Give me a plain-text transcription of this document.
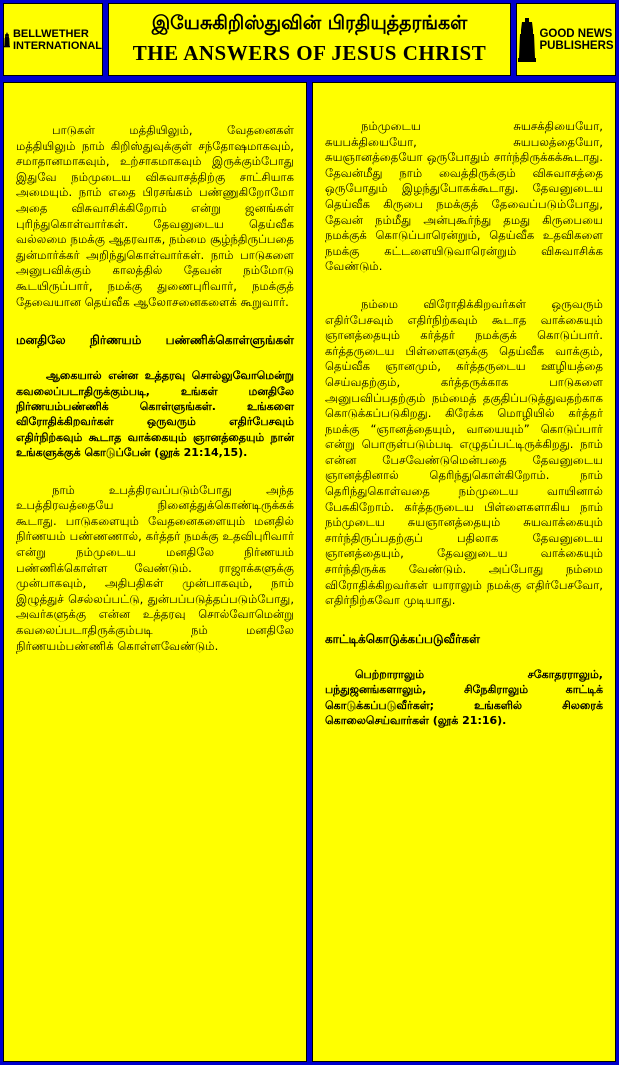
BELLWETHER
INTERNATIONAL
இயேசுகிறிஸ்துவின் பிரதியுத்தரங்கள்
THE ANSWERS OF JESUS CHRIST
GOOD NEWS
PUBLISHERS

பாடுகள் மத்தியிலும், வேதனைகள் மத்தியிலும் நாம் கிறிஸ்துவுக்குள் சந்தோஷமாகவும், சமாதானமாகவும், உற்சாகமாகவும் இருக்கும்போது இதுவே நம்முடைய விசுவாசத்திற்கு சாட்சியாக அமையும். நாம் எதை பிரசங்கம் பண்ணுகிறோமோ அதை விசுவாசிக்கிறோம் என்று ஜனங்கள் புரிந்துகொள்வார்கள். தேவனுடைய தெய்வீக வல்லமை நமக்கு ஆதரவாக, நம்மை சூழ்ந்திருப்பதை துன்மார்க்கர் அறிந்துகொள்வார்கள். நாம் பாடுகளை அனுபவிக்கும் காலத்தில் தேவன் நம்மோடு கூடயிருப்பார், நமக்கு துணைபுரிவார், நமக்குத் தேவையான தெய்வீக ஆலோசனைகளைக் கூறுவார்.

மனதிலே நிர்ணயம் பண்ணிக்கொள்ளுங்கள்

ஆகையால் என்ன உத்தரவு சொல்லுவோமென்று கவலைப்படாதிருக்கும்படி, உங்கள் மனதிலே நிர்ணயம்பண்ணிக் கொள்ளுங்கள். உங்களை விரோதிக்கிறவர்கள் ஒருவரும் எதிர்பேசவும் எதிர்நிற்கவும் கூடாத வாக்கையும் ஞானத்தையும் நான் உங்களுக்குக் கொடுப்பேன் (லூக் 21:14,15).

நாம் உபத்திரவப்படும்போது அந்த உபத்திரவத்தையே நினைத்துக்கொண்டிருக்கக் கூடாது. பாடுகளையும் வேதனைகளையும் மனதில் நிர்ணயம் பண்ணணால், கர்த்தர் நமக்கு உதவிபுரிவார் என்று நம்முடைய மனதிலே நிர்ணயம் பண்ணிக்கொள்ள வேண்டும். ராஜாக்களுக்கு முன்பாகவும், அதிபதிகள் முன்பாகவும், நாம் இழுத்துச் செல்லப்பட்டு, துன்பப்படுத்தப்படும்போது, அவர்களுக்கு என்ன உத்தரவு சொல்வோமென்று கவலைப்படாதிருக்கும்படி நம் மனதிலே நிர்ணயம்பண்ணிக் கொள்ளவேண்டும்.

நம்முடைய சுயசக்தியையோ, சுயபக்தியையோ, சுயபலத்தையோ, சுயஞானத்தையோ ஒருபோதும் சார்ந்திருக்கக்கூடாது. தேவன்மீது நாம் வைத்திருக்கும் விசுவாசத்தை ஒருபோதும் இழந்துபோகக்கூடாது. தேவனுடைய தெய்வீக கிருபை நமக்குத் தேவைப்படும்போது, தேவன் நம்மீது அன்புகூர்ந்து தமது கிருபையை நமக்குக் கொடுப்பாரென்றும், தெய்வீக உதவிகளை நமக்கு கட்டளையிடுவாரென்றும் விசுவாசிக்க வேண்டும்.

நம்மை விரோதிக்கிறவர்கள் ஒருவரும் எதிர்பேசவும் எதிர்நிற்கவும் கூடாத வாக்கையும் ஞானத்தையும் கர்த்தர் நமக்குக் கொடுப்பார். கர்த்தருடைய பிள்ளைகளுக்கு தெய்வீக வாக்கும், தெய்வீக ஞானமும், கர்த்தருடைய ஊழியத்தை செய்வதற்கும், கர்த்தருக்காக பாடுகளை அனுபவிப்பதற்கும் நம்மைத் தகுதிப்படுத்துவதற்காக கொடுக்கப்படுகிறது. கிரேக்க மொழியில் கர்த்தர் நமக்கு “ஞானத்தையும், வாயையும்” கொடுப்பார் என்று பொருள்படும்படி எழுதப்பட்டிருக்கிறது. நாம் என்ன பேசவேண்டுமென்பதை தேவனுடைய ஞானத்தினால் தெரிந்துகொள்கிறோம். நாம் தெரிந்துகொள்வதை நம்முடைய வாயினால் பேசுகிறோம். கர்த்தருடைய பிள்ளைகளாகிய நாம் நம்முடைய சுயஞானத்தையும் சுயவாக்கையும் சார்ந்திருப்பதற்குப் பதிலாக தேவனுடைய ஞானத்தையும், தேவனுடைய வாக்கையும் சார்ந்திருக்க வேண்டும். அப்போது நம்மை விரோதிக்கிறவர்கள் யாராலும் நமக்கு எதிர்பேசவோ, எதிர்நிற்கவோ முடியாது.

காட்டிக்கொடுக்கப்படுவீர்கள்

பெற்றாராலும் சகோதரராலும், பந்துஜனங்களாலும், சிநேகிராலும் காட்டிக் கொடுக்கப்படுவீர்கள்; உங்களில் சிலரைக் கொலைசெய்வார்கள் (லூக் 21:16).
